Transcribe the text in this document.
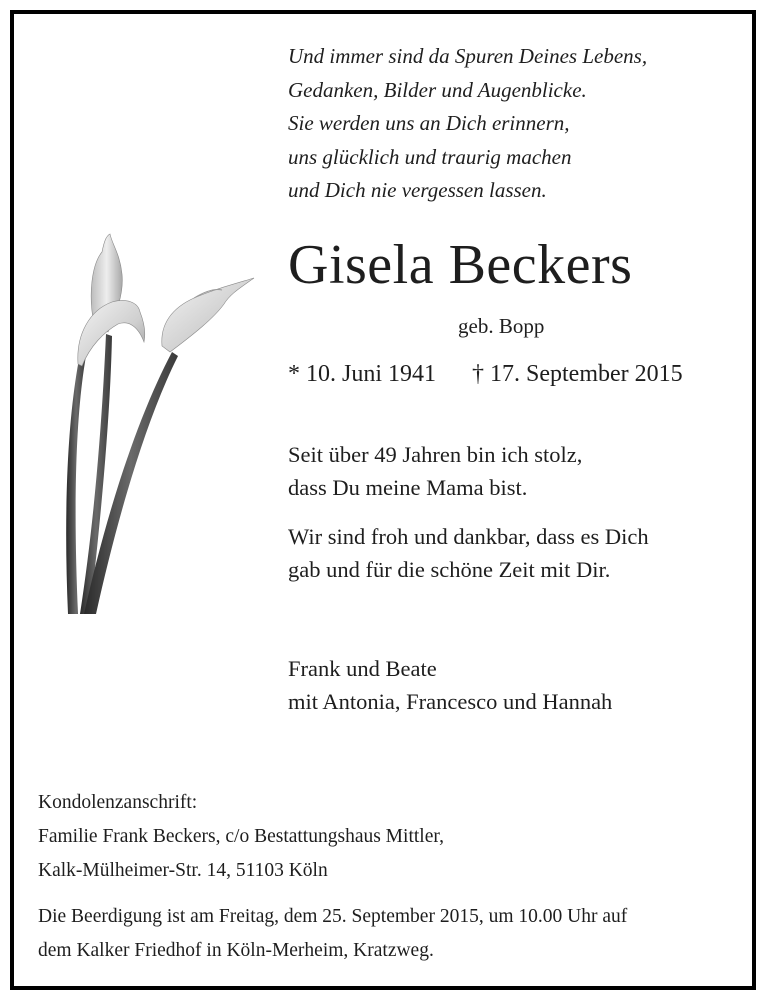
Und immer sind da Spuren Deines Lebens,
Gedanken, Bilder und Augenblicke.
Sie werden uns an Dich erinnern,
uns glücklich und traurig machen
und Dich nie vergessen lassen.
Gisela Beckers
geb. Bopp
* 10. Juni 1941 † 17. September 2015
Seit über 49 Jahren bin ich stolz,
dass Du meine Mama bist.
Wir sind froh und dankbar, dass es Dich
gab und für die schöne Zeit mit Dir.
Frank und Beate
mit Antonia, Francesco und Hannah
Kondolenzanschrift:
Familie Frank Beckers, c/o Bestattungshaus Mittler,
Kalk-Mülheimer-Str. 14, 51103 Köln
Die Beerdigung ist am Freitag, dem 25. September 2015, um 10.00 Uhr auf
dem Kalker Friedhof in Köln-Merheim, Kratzweg.
